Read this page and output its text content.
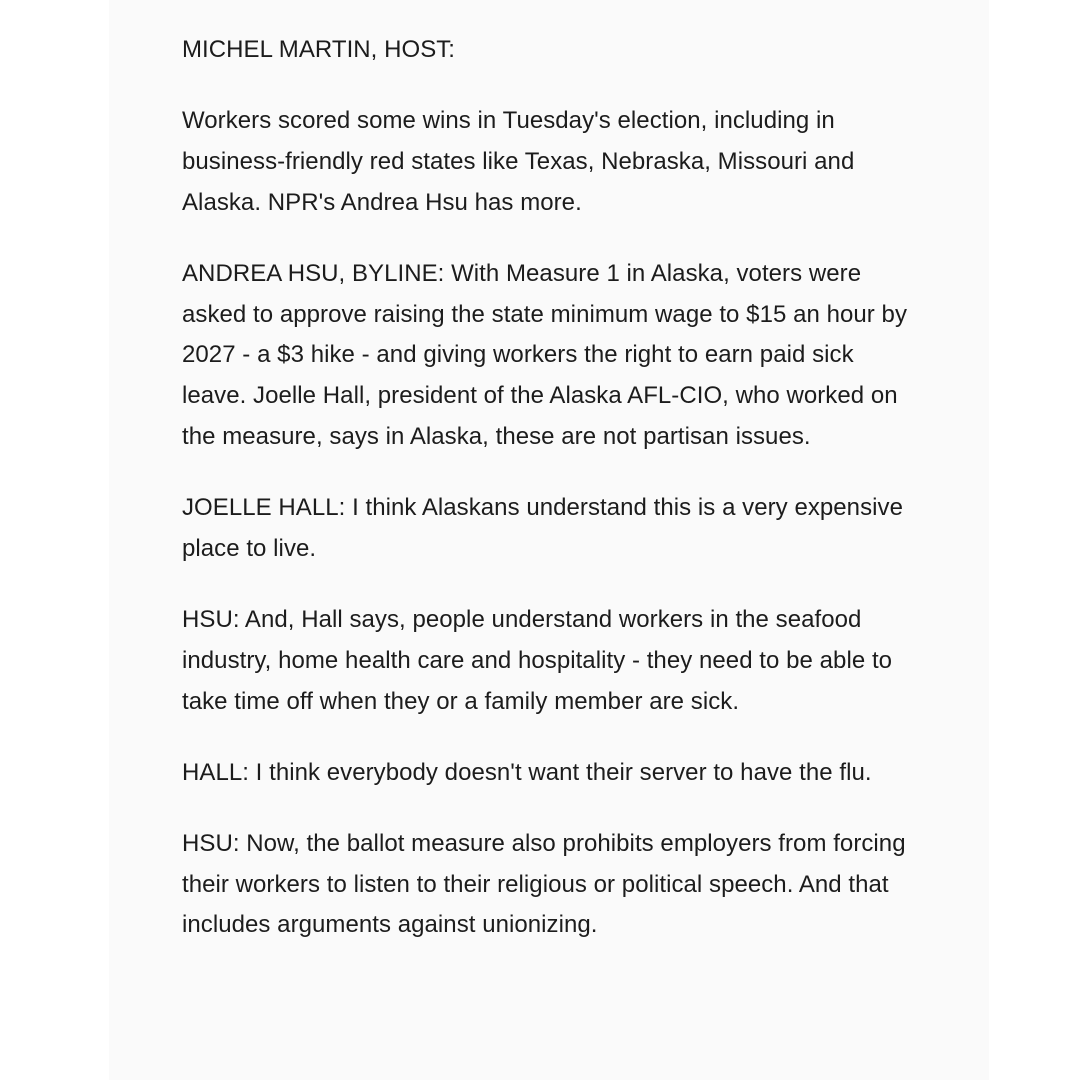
MICHEL MARTIN, HOST:

Workers scored some wins in Tuesday's election, including in business-friendly red states like Texas, Nebraska, Missouri and Alaska. NPR's Andrea Hsu has more.

ANDREA HSU, BYLINE: With Measure 1 in Alaska, voters were asked to approve raising the state minimum wage to $15 an hour by 2027 - a $3 hike - and giving workers the right to earn paid sick leave. Joelle Hall, president of the Alaska AFL-CIO, who worked on the measure, says in Alaska, these are not partisan issues.

JOELLE HALL: I think Alaskans understand this is a very expensive place to live.

HSU: And, Hall says, people understand workers in the seafood industry, home health care and hospitality - they need to be able to take time off when they or a family member are sick.

HALL: I think everybody doesn't want their server to have the flu.

HSU: Now, the ballot measure also prohibits employers from forcing their workers to listen to their religious or political speech. And that includes arguments against unionizing.
